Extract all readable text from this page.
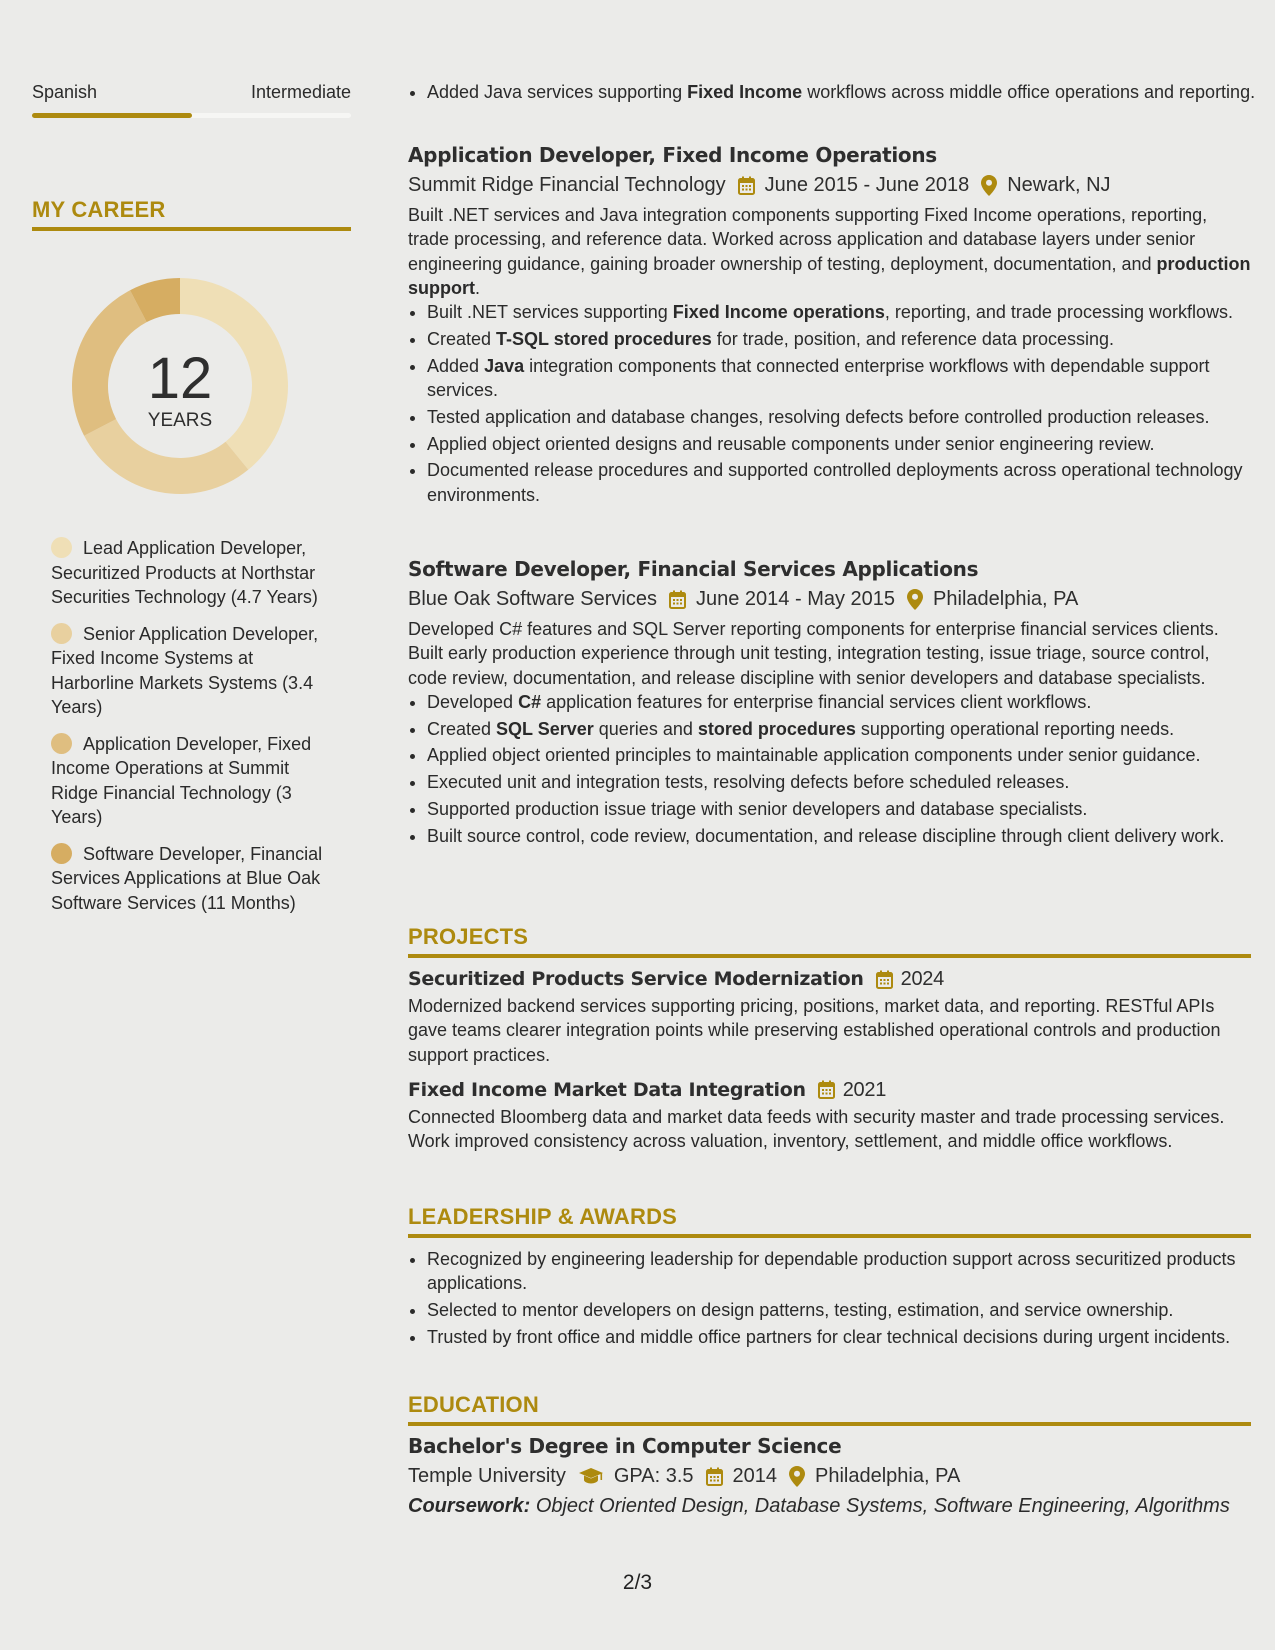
Spanish	Intermediate
MY CAREER
12
YEARS
Lead Application Developer, Securitized Products at Northstar Securities Technology (4.7 Years)
Senior Application Developer, Fixed Income Systems at Harborline Markets Systems (3.4 Years)
Application Developer, Fixed Income Operations at Summit Ridge Financial Technology (3 Years)
Software Developer, Financial Services Applications at Blue Oak Software Services (11 Months)
• Added Java services supporting Fixed Income workflows across middle office operations and reporting.
Application Developer, Fixed Income Operations
Summit Ridge Financial Technology June 2015 - June 2018 Newark, NJ

Built .NET services and Java integration components supporting Fixed Income operations, reporting, trade processing, and reference data. Worked across application and database layers under senior engineering guidance, gaining broader ownership of testing, deployment, documentation, and production support.

• Built .NET services supporting Fixed Income operations, reporting, and trade processing workflows.
• Created T-SQL stored procedures for trade, position, and reference data processing.
• Added Java integration components that connected enterprise workflows with dependable support services.
• Tested application and database changes, resolving defects before controlled production releases.
• Applied object oriented designs and reusable components under senior engineering review.
• Documented release procedures and supported controlled deployments across operational technology environments.
Software Developer, Financial Services Applications
Blue Oak Software Services June 2014 - May 2015 Philadelphia, PA

Developed C# features and SQL Server reporting components for enterprise financial services clients. Built early production experience through unit testing, integration testing, issue triage, source control, code review, documentation, and release discipline with senior developers and database specialists.

• Developed C# application features for enterprise financial services client workflows.
• Created SQL Server queries and stored procedures supporting operational reporting needs.
• Applied object oriented principles to maintainable application components under senior guidance.
• Executed unit and integration tests, resolving defects before scheduled releases.
• Supported production issue triage with senior developers and database specialists.
• Built source control, code review, documentation, and release discipline through client delivery work.
PROJECTS
Securitized Products Service Modernization 2024

Modernized backend services supporting pricing, positions, market data, and reporting. RESTful APIs gave teams clearer integration points while preserving established operational controls and production support practices.

Fixed Income Market Data Integration 2021

Connected Bloomberg data and market data feeds with security master and trade processing services. Work improved consistency across valuation, inventory, settlement, and middle office workflows.

LEADERSHIP & AWARDS
• Recognized by engineering leadership for dependable production support across securitized products applications.
• Selected to mentor developers on design patterns, testing, estimation, and service ownership.
• Trusted by front office and middle office partners for clear technical decisions during urgent incidents.
EDUCATION
Bachelor's Degree in Computer Science
Temple University GPA: 3.5 2014 Philadelphia, PA
Coursework: Object Oriented Design, Database Systems, Software Engineering, Algorithms
2/3
